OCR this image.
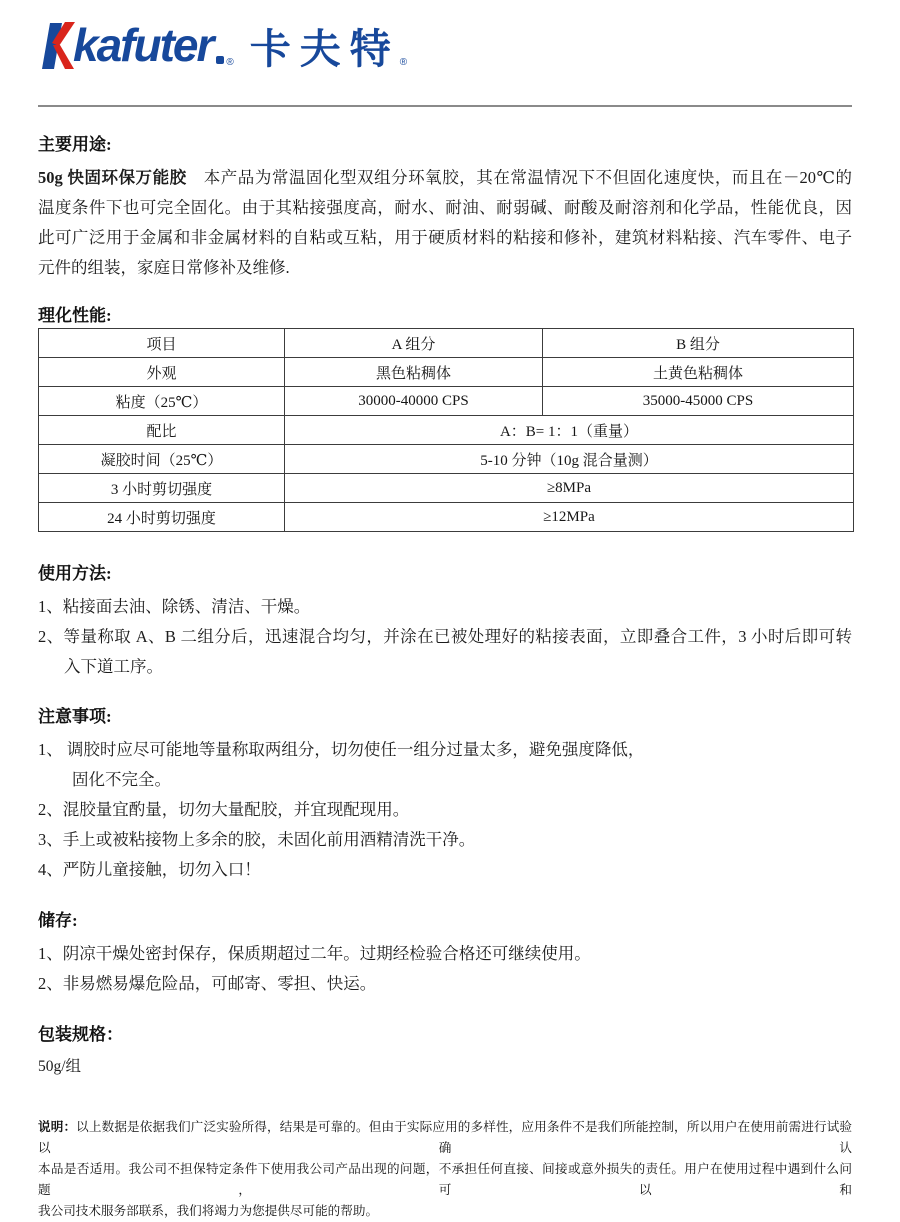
kafuter ® 卡夫特 ®
主要用途:
50g 快固环保万能胶　本产品为常温固化型双组分环氧胶，其在常温情况下不但固化速度快，而且在－20℃的
温度条件下也可完全固化。由于其粘接强度高，耐水、耐油、耐弱碱、耐酸及耐溶剂和化学品，性能优良，因
此可广泛用于金属和非金属材料的自粘或互粘，用于硬质材料的粘接和修补，建筑材料粘接、汽车零件、电子
元件的组装，家庭日常修补及维修.
理化性能:
项目	A 组分	B 组分
外观	黑色粘稠体	土黄色粘稠体
粘度（25℃）	30000-40000 CPS	35000-45000 CPS
配比	A：B= 1：1（重量）	
凝胶时间（25℃）	5-10 分钟（10g 混合量测）	
3 小时剪切强度	≥8MPa	
24 小时剪切强度	≥12MPa	
使用方法:
1、粘接面去油、除锈、清洁、干燥。
2、等量称取 A、B 二组分后，迅速混合均匀，并涂在已被处理好的粘接表面，立即叠合工件，3 小时后即可转
入下道工序。
注意事项:
1、 调胶时应尽可能地等量称取两组分，切勿使任一组分过量太多，避免强度降低，
固化不完全。
2、混胶量宜酌量，切勿大量配胶，并宜现配现用。
3、手上或被粘接物上多余的胶，未固化前用酒精清洗干净。
4、严防儿童接触，切勿入口！
储存:
1、阴凉干燥处密封保存，保质期超过二年。过期经检验合格还可继续使用。
2、非易燃易爆危险品，可邮寄、零担、快运。
包装规格：
50g/组
说明：以上数据是依据我们广泛实验所得，结果是可靠的。但由于实际应用的多样性，应用条件不是我们所能控制，所以用户在使用前需进行试验以确认
本品是否适用。我公司不担保特定条件下使用我公司产品出现的问题，不承担任何直接、间接或意外损失的责任。用户在使用过程中遇到什么问题，可以和
我公司技术服务部联系，我们将竭力为您提供尽可能的帮助。
